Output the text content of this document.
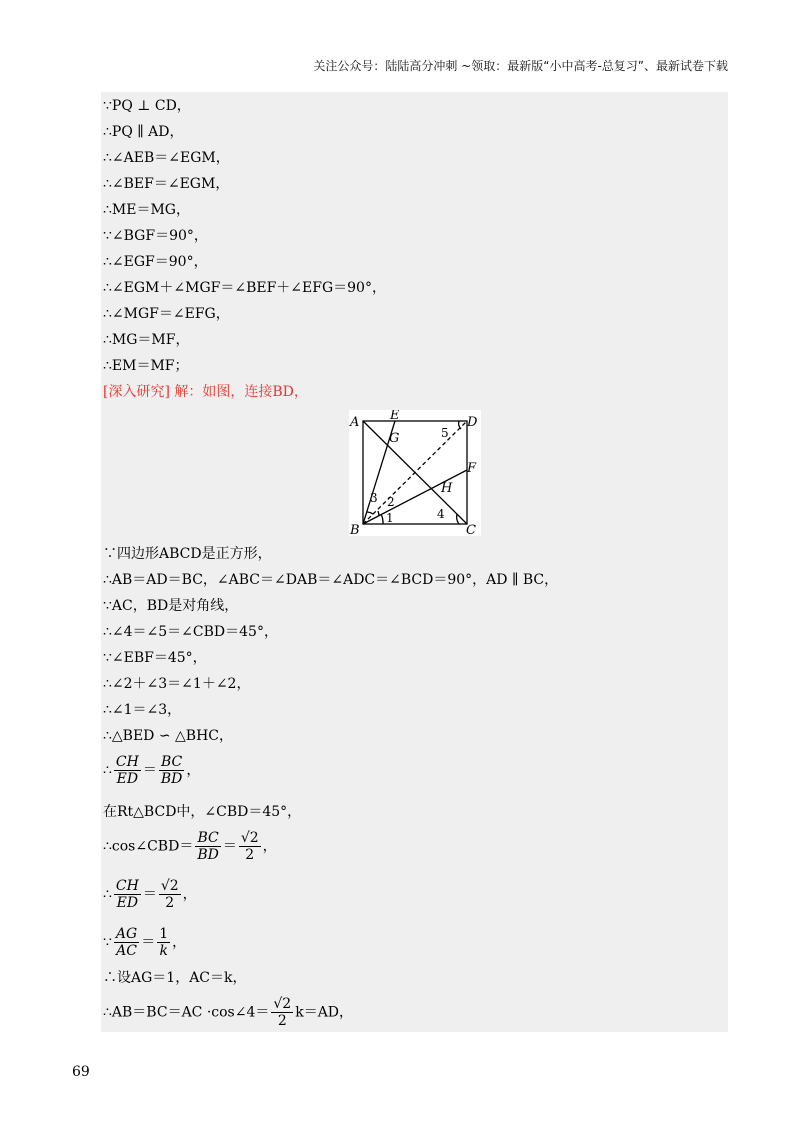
关注公众号：陆陆高分冲刺 ~领取：最新版“小中高考-总复习”、最新试卷下载
∵PQ ⊥ CD，
∴PQ ∥ AD，
∴∠AEB＝∠EGM，
∴∠BEF＝∠EGM，
∴ME＝MG，
∵∠BGF＝90°，
∴∠EGF＝90°，
∴∠EGM＋∠MGF＝∠BEF＋∠EFG＝90°，
∴∠MGF＝∠EFG，
∴MG＝MF，
∴EM＝MF；
[深入研究] 解：如图，连接BD，
A
B	C
D
E
F
G
H
1
2
3
4
5
∵四边形ABCD是正方形，
∴AB＝AD＝BC，∠ABC＝∠DAB＝∠ADC＝∠BCD＝90°，AD ∥ BC，
∵AC，BD是对角线，
∴∠4＝∠5＝∠CBD＝45°，
∵∠EBF＝45°，
∴∠2＋∠3＝∠1＋∠2，
∴∠1＝∠3，
∴△BED ∽ △BHC，
∴ $\frac{CH}{ED} = \frac{BC}{BD}$ ，
在Rt△BCD中，∠CBD＝45°，
∴cos∠CBD＝ $\frac{BC}{BD} = \frac{√2}{2}$ ，
∴ $\frac{CH}{ED} = \frac{√2}{2}$ ，
∵ $\frac{AG}{AC} = \frac{1}{k}$ ，
∴设AG＝1，AC＝k，
∴AB＝BC＝AC ·cos∠4＝ $\frac{√2}{2} k=AD$，
69
